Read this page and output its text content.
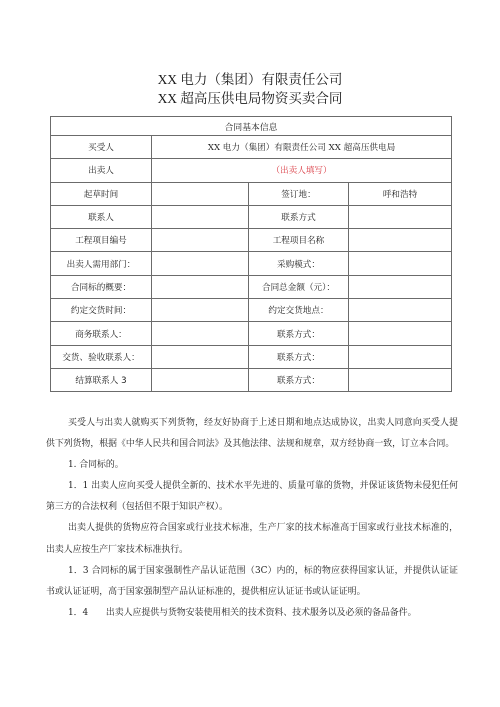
XX 电力（集团）有限责任公司
XX 超高压供电局物资买卖合同
合同基本信息			
买受人	XX 电力（集团）有限责任公司 XX 超高压供电局		
出卖人	（出卖人填写）		
起草时间		签订地：	呼和浩特
联系人		联系方式	
工程项目编号		工程项目名称	
出卖人需用部门：		采购模式：	
合同标的概要：		合同总金额（元）：	
约定交货时间：		约定交货地点：	
商务联系人：		联系方式：	
交货、验收联系人：		联系方式：	
结算联系人 3		联系方式：	

买受人与出卖人就购买下列货物，经友好协商于上述日期和地点达成协议，出卖人同意向买受人提供下列货物，根据《中华人民共和国合同法》及其他法律、法规和规章，双方经协商一致，订立本合同。

1. 合同标的。

1．1 出卖人应向买受人提供全新的、技术水平先进的、质量可靠的货物，并保证该货物未侵犯任何第三方的合法权利（包括但不限于知识产权）。

出卖人提供的货物应符合国家或行业技术标准，生产厂家的技术标准高于国家或行业技术标准的，出卖人应按生产厂家技术标准执行。

1．3 合同标的属于国家强制性产品认证范围（3C）内的，标的物应获得国家认证，并提供认证证书或认证证明，高于国家强制型产品认证标准的，提供相应认证证书或认证证明。

1．4　　出卖人应提供与货物安装使用相关的技术资料、技术服务以及必须的备品备件。
